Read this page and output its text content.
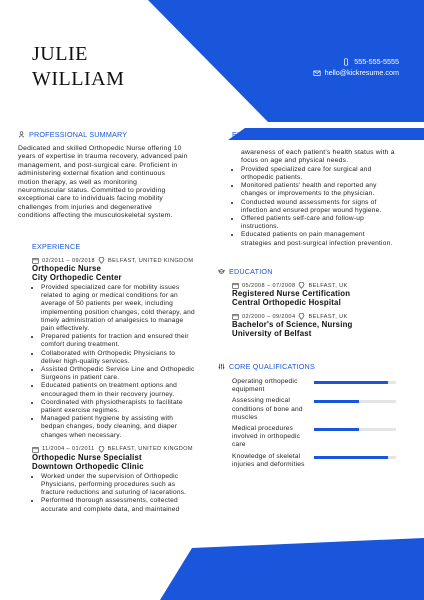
JULIE
WILLIAM
555-555-5555
hello@kickresume.com
PROFESSIONAL SUMMARY
Dedicated and skilled Orthopedic Nurse offering 10
years of expertise in trauma recovery, advanced pain
management, and post-surgical care. Proficient in
administering external fixation and continuous
motion therapy, as well as monitoring
neuromuscular status. Committed to providing
exceptional care to individuals facing mobility
challenges from injuries and degenerative
conditions affecting the musculoskeletal system.
EXPERIENCE
02/2011 – 09/2018 BELFAST, UNITED KINGDOM
Orthopedic Nurse
City Orthopedic Center
• Provided specialized care for mobility issues
related to aging or medical conditions for an
average of 50 patients per week, including
implementing position changes, cold therapy, and
timely administration of analgesics to manage
pain effectively.
• Prepared patients for traction and ensured their
comfort during treatment.
• Collaborated with Orthopedic Physicians to
deliver high-quality services.
• Assisted Orthopedic Service Line and Orthopedic
Surgeons in patient care.
• Educated patients on treatment options and
encouraged them in their recovery journey.
• Coordinated with physiotherapists to facilitate
patient exercise regimes.
• Managed patient hygiene by assisting with
bedpan changes, body cleaning, and diaper
changes when necessary.
11/2004 – 01/2011 BELFAST, UNITED KINGDOM
Orthopedic Nurse Specialist
Downtown Orthopedic Clinic
• Worked under the supervision of Orthopedic
Physicians, performing procedures such as
fracture reductions and suturing of lacerations.
• Performed thorough assessments, collected
accurate and complete data, and maintained
EXPERIENCE
awareness of each patient's health status with a
focus on age and physical needs.
• Provided specialized care for surgical and
orthopedic patients.
• Monitored patients' health and reported any
changes or improvements to the physician.
• Conducted wound assessments for signs of
infection and ensured proper wound hygiene.
• Offered patients self-care and follow-up
instructions.
• Educated patients on pain management
strategies and post-surgical infection prevention.
EDUCATION
05/2008 – 07/2008 BELFAST, UK
Registered Nurse Certification
Central Orthopedic Hospital
02/2000 – 09/2004 BELFAST, UK
Bachelor's of Science, Nursing
University of Belfast
CORE QUALIFICATIONS
Operating orthopedic
equipment
Assessing medical
conditions of bone and
muscles
Medical procedures
involved in orthopedic
care
Knowledge of skeletal
injuries and deformities
